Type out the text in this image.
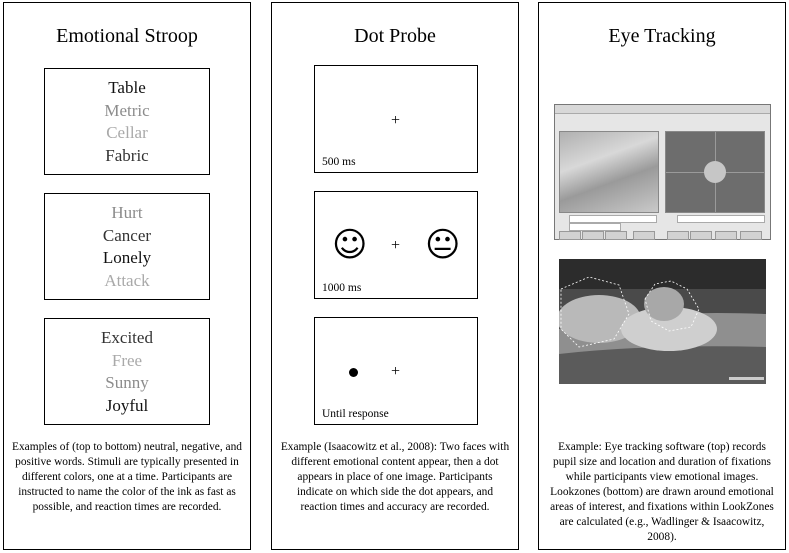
Emotional Stroop
Table
Metric
Cellar
Fabric
Hurt
Cancer
Lonely
Attack
Excited
Free
Sunny
Joyful
Examples of (top to bottom) neutral, negative, and positive words. Stimuli are typically presented in different colors, one at a time. Participants are instructed to name the color of the ink as fast as possible, and reaction times are recorded.
Dot Probe
+
500 ms
☺ + 😐
1000 ms
+
Until response
Example (Isaacowitz et al., 2008): Two faces with different emotional content appear, then a dot appears in place of one image. Participants indicate on which side the dot appears, and reaction times and accuracy are recorded.
Eye Tracking
Example: Eye tracking software (top) records pupil size and location and duration of fixations while participants view emotional images. Lookzones (bottom) are drawn around emotional areas of interest, and fixations within LookZones are calculated (e.g., Wadlinger & Isaacowitz, 2008).
